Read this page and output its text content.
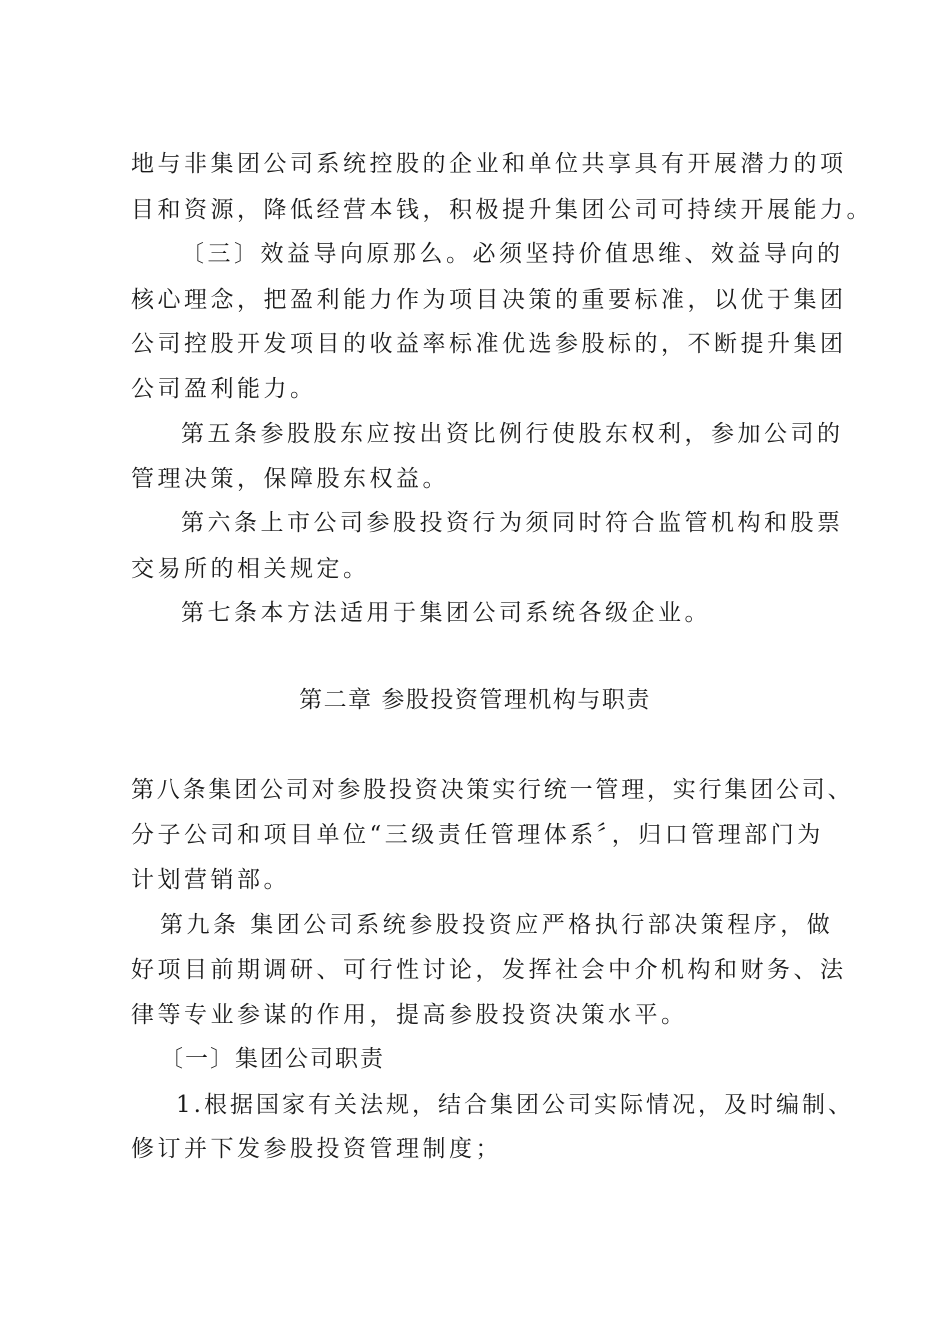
地与非集团公司系统控股的企业和单位共享具有开展潜力的项
目和资源，降低经营本钱，积极提升集团公司可持续开展能力。
〔三〕效益导向原那么。必须坚持价值思维、效益导向的
核心理念，把盈利能力作为项目决策的重要标准，以优于集团
公司控股开发项目的收益率标准优选参股标的，不断提升集团
公司盈利能力。
第五条参股股东应按出资比例行使股东权利，参加公司的
管理决策，保障股东权益。
第六条上市公司参股投资行为须同时符合监管机构和股票
交易所的相关规定。
第七条本方法适用于集团公司系统各级企业。
第二章 参股投资管理机构与职责
第八条集团公司对参股投资决策实行统一管理，实行集团公司、
分子公司和项目单位“三级责任管理体系〞，归口管理部门为
计划营销部。
第九条 集团公司系统参股投资应严格执行部决策程序，做
好项目前期调研、可行性讨论，发挥社会中介机构和财务、法
律等专业参谋的作用，提高参股投资决策水平。
〔一〕集团公司职责
1.根据国家有关法规，结合集团公司实际情况，及时编制、
修订并下发参股投资管理制度；
